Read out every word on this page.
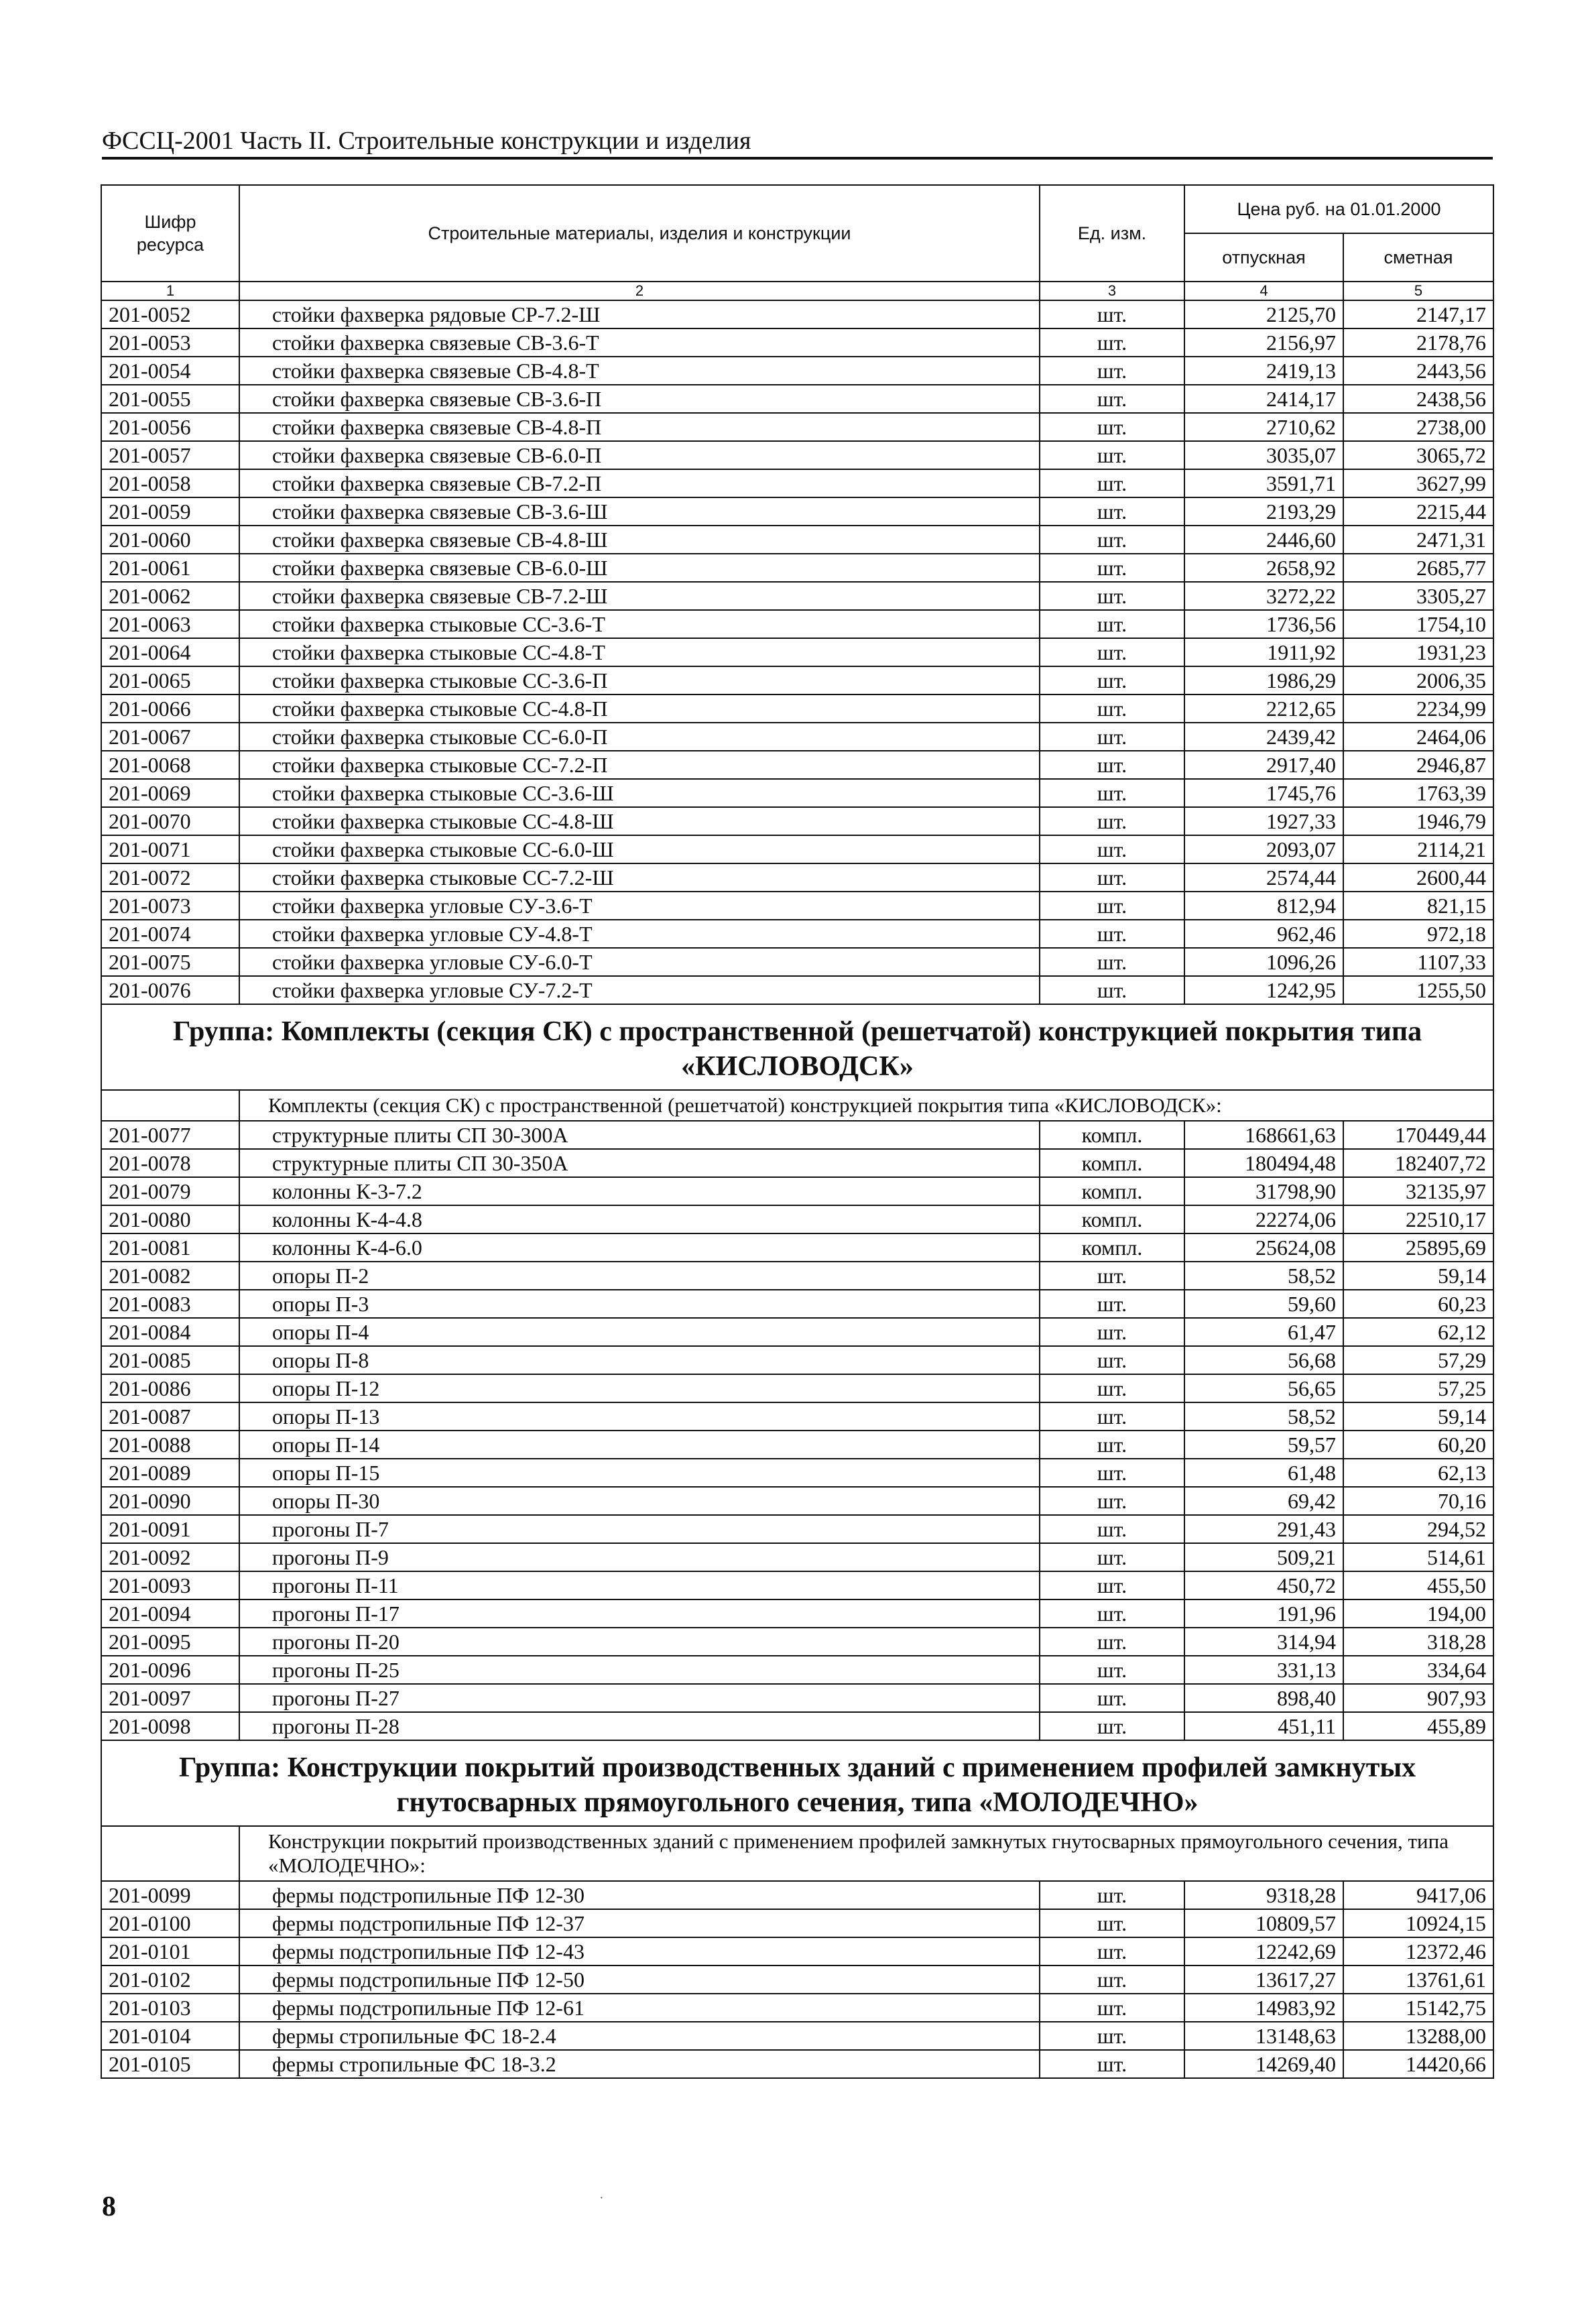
ФССЦ-2001 Часть II. Строительные конструкции и изделия
Шифр ресурса	Строительные материалы, изделия и конструкции	Ед. изм.	Цена руб. на 01.01.2000	
			отпускная	сметная
1	2	3	4	5
201-0052	стойки фахверка рядовые СР-7.2-Ш	шт.	2125,70	2147,17
201-0053	стойки фахверка связевые СВ-3.6-Т	шт.	2156,97	2178,76
201-0054	стойки фахверка связевые СВ-4.8-Т	шт.	2419,13	2443,56
201-0055	стойки фахверка связевые СВ-3.6-П	шт.	2414,17	2438,56
201-0056	стойки фахверка связевые СВ-4.8-П	шт.	2710,62	2738,00
201-0057	стойки фахверка связевые СВ-6.0-П	шт.	3035,07	3065,72
201-0058	стойки фахверка связевые СВ-7.2-П	шт.	3591,71	3627,99
201-0059	стойки фахверка связевые СВ-3.6-Ш	шт.	2193,29	2215,44
201-0060	стойки фахверка связевые СВ-4.8-Ш	шт.	2446,60	2471,31
201-0061	стойки фахверка связевые СВ-6.0-Ш	шт.	2658,92	2685,77
201-0062	стойки фахверка связевые СВ-7.2-Ш	шт.	3272,22	3305,27
201-0063	стойки фахверка стыковые СС-3.6-Т	шт.	1736,56	1754,10
201-0064	стойки фахверка стыковые СС-4.8-Т	шт.	1911,92	1931,23
201-0065	стойки фахверка стыковые СС-3.6-П	шт.	1986,29	2006,35
201-0066	стойки фахверка стыковые СС-4.8-П	шт.	2212,65	2234,99
201-0067	стойки фахверка стыковые СС-6.0-П	шт.	2439,42	2464,06
201-0068	стойки фахверка стыковые СС-7.2-П	шт.	2917,40	2946,87
201-0069	стойки фахверка стыковые СС-3.6-Ш	шт.	1745,76	1763,39
201-0070	стойки фахверка стыковые СС-4.8-Ш	шт.	1927,33	1946,79
201-0071	стойки фахверка стыковые СС-6.0-Ш	шт.	2093,07	2114,21
201-0072	стойки фахверка стыковые СС-7.2-Ш	шт.	2574,44	2600,44
201-0073	стойки фахверка угловые СУ-3.6-Т	шт.	812,94	821,15
201-0074	стойки фахверка угловые СУ-4.8-Т	шт.	962,46	972,18
201-0075	стойки фахверка угловые СУ-6.0-Т	шт.	1096,26	1107,33
201-0076	стойки фахверка угловые СУ-7.2-Т	шт.	1242,95	1255,50
Группа: Комплекты (секция СК) с пространственной (решетчатой) конструкцией покрытия типа «КИСЛОВОДСК»				
	Комплекты (секция СК) с пространственной (решетчатой) конструкцией покрытия типа «КИСЛОВОДСК»:			
201-0077	структурные плиты СП 30-300А	компл.	168661,63	170449,44
201-0078	структурные плиты СП 30-350А	компл.	180494,48	182407,72
201-0079	колонны К-3-7.2	компл.	31798,90	32135,97
201-0080	колонны К-4-4.8	компл.	22274,06	22510,17
201-0081	колонны К-4-6.0	компл.	25624,08	25895,69
201-0082	опоры П-2	шт.	58,52	59,14
201-0083	опоры П-3	шт.	59,60	60,23
201-0084	опоры П-4	шт.	61,47	62,12
201-0085	опоры П-8	шт.	56,68	57,29
201-0086	опоры П-12	шт.	56,65	57,25
201-0087	опоры П-13	шт.	58,52	59,14
201-0088	опоры П-14	шт.	59,57	60,20
201-0089	опоры П-15	шт.	61,48	62,13
201-0090	опоры П-30	шт.	69,42	70,16
201-0091	прогоны П-7	шт.	291,43	294,52
201-0092	прогоны П-9	шт.	509,21	514,61
201-0093	прогоны П-11	шт.	450,72	455,50
201-0094	прогоны П-17	шт.	191,96	194,00
201-0095	прогоны П-20	шт.	314,94	318,28
201-0096	прогоны П-25	шт.	331,13	334,64
201-0097	прогоны П-27	шт.	898,40	907,93
201-0098	прогоны П-28	шт.	451,11	455,89
Группа: Конструкции покрытий производственных зданий с применением профилей замкнутых гнутосварных прямоугольного сечения, типа «МОЛОДЕЧНО»				
	Конструкции покрытий производственных зданий с применением профилей замкнутых гнутосварных прямоугольного сечения, типа «МОЛОДЕЧНО»:			
201-0099	фермы подстропильные ПФ 12-30	шт.	9318,28	9417,06
201-0100	фермы подстропильные ПФ 12-37	шт.	10809,57	10924,15
201-0101	фермы подстропильные ПФ 12-43	шт.	12242,69	12372,46
201-0102	фермы подстропильные ПФ 12-50	шт.	13617,27	13761,61
201-0103	фермы подстропильные ПФ 12-61	шт.	14983,92	15142,75
201-0104	фермы стропильные ФС 18-2.4	шт.	13148,63	13288,00
201-0105	фермы стропильные ФС 18-3.2	шт.	14269,40	14420,66
8	·
